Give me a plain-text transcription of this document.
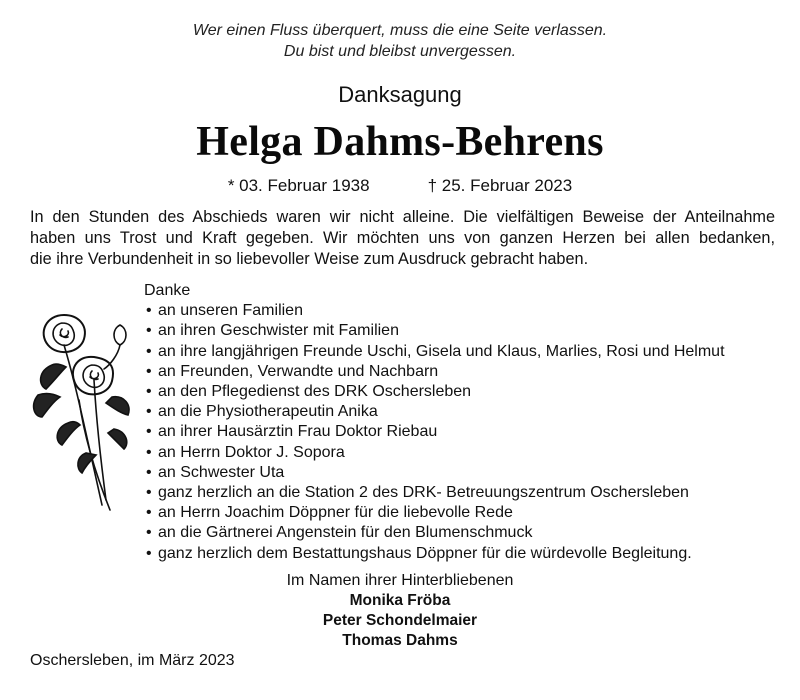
Wer einen Fluss überquert, muss die eine Seite verlassen.
Du bist und bleibst unvergessen.
Danksagung
Helga Dahms-Behrens
* 03. Februar 1938	† 25. Februar 2023
In den Stunden des Abschieds waren wir nicht alleine. Die vielfältigen Beweise der Anteilnahme
haben uns Trost und Kraft gegeben. Wir möchten uns von ganzen Herzen bei allen bedanken,
die ihre Verbundenheit in so liebevoller Weise zum Ausdruck gebracht haben.
Danke
• an unseren Familien
• an ihren Geschwister mit Familien
• an ihre langjährigen Freunde Uschi, Gisela und Klaus, Marlies, Rosi und Helmut
• an Freunden, Verwandte und Nachbarn
• an den Pflegedienst des DRK Oschersleben
• an die Physiotherapeutin Anika
• an ihrer Hausärztin Frau Doktor Riebau
• an Herrn Doktor J. Sopora
• an Schwester Uta
• ganz herzlich an die Station 2 des DRK- Betreuungszentrum Oschersleben
• an Herrn Joachim Döppner für die liebevolle Rede
• an die Gärtnerei Angenstein für den Blumenschmuck
• ganz herzlich dem Bestattungshaus Döppner für die würdevolle Begleitung.
Im Namen ihrer Hinterbliebenen
Monika Fröba
Peter Schondelmaier
Thomas Dahms
Oschersleben, im März 2023
